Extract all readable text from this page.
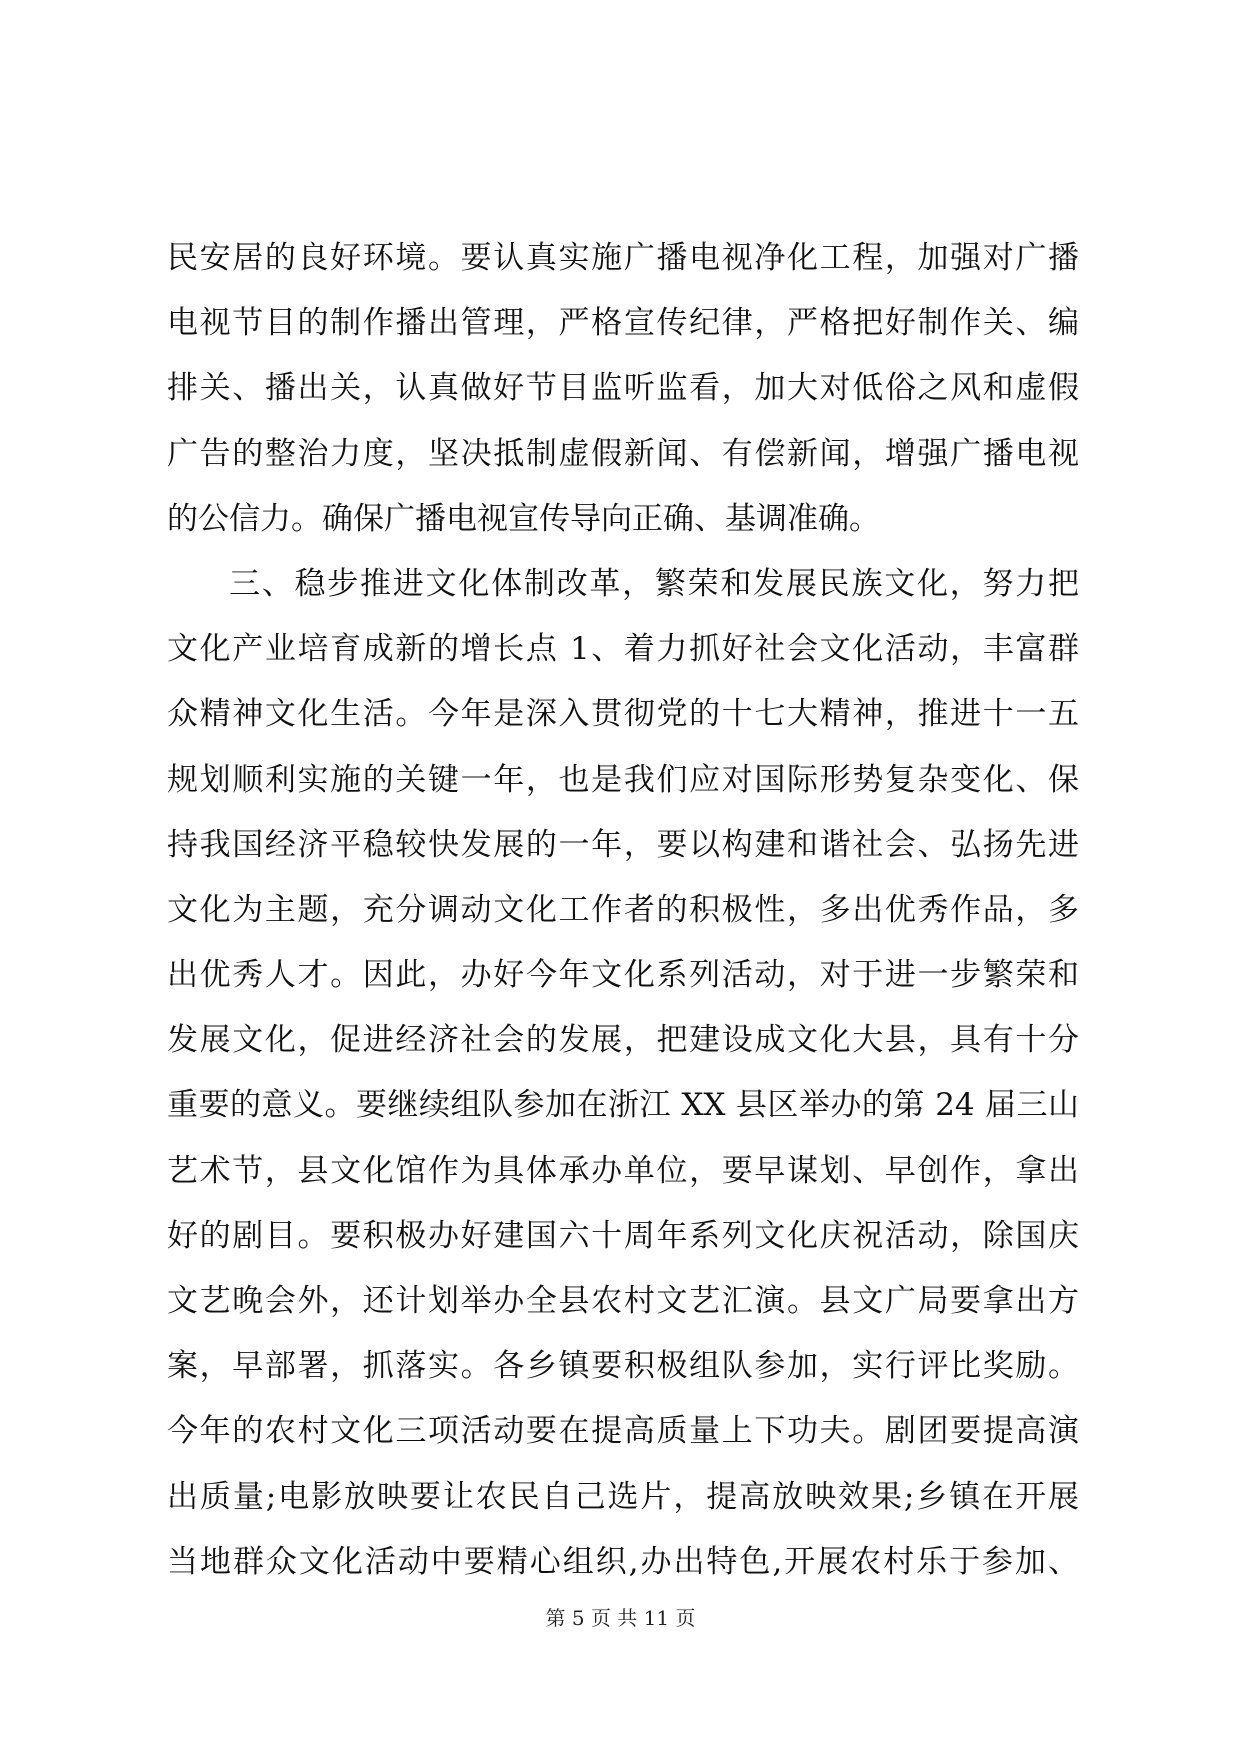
民安居的良好环境。要认真实施广播电视净化工程，加强对广播
电视节目的制作播出管理，严格宣传纪律，严格把好制作关、编
排关、播出关，认真做好节目监听监看，加大对低俗之风和虚假
广告的整治力度，坚决抵制虚假新闻、有偿新闻，增强广播电视
的公信力。确保广播电视宣传导向正确、基调准确。
三、稳步推进文化体制改革，繁荣和发展民族文化，努力把
文化产业培育成新的增长点 1、着力抓好社会文化活动，丰富群
众精神文化生活。今年是深入贯彻党的十七大精神，推进十一五
规划顺利实施的关键一年，也是我们应对国际形势复杂变化、保
持我国经济平稳较快发展的一年，要以构建和谐社会、弘扬先进
文化为主题，充分调动文化工作者的积极性，多出优秀作品，多
出优秀人才。因此，办好今年文化系列活动，对于进一步繁荣和
发展文化，促进经济社会的发展，把建设成文化大县，具有十分
重要的意义。要继续组队参加在浙江 XX 县区举办的第 24 届三山
艺术节，县文化馆作为具体承办单位，要早谋划、早创作，拿出
好的剧目。要积极办好建国六十周年系列文化庆祝活动，除国庆
文艺晚会外，还计划举办全县农村文艺汇演。县文广局要拿出方
案，早部署，抓落实。各乡镇要积极组队参加，实行评比奖励。
今年的农村文化三项活动要在提高质量上下功夫。剧团要提高演
出质量;电影放映要让农民自己选片，提高放映效果;乡镇在开展
当地群众文化活动中要精心组织,办出特色,开展农村乐于参加、
第 5 页 共 11 页
